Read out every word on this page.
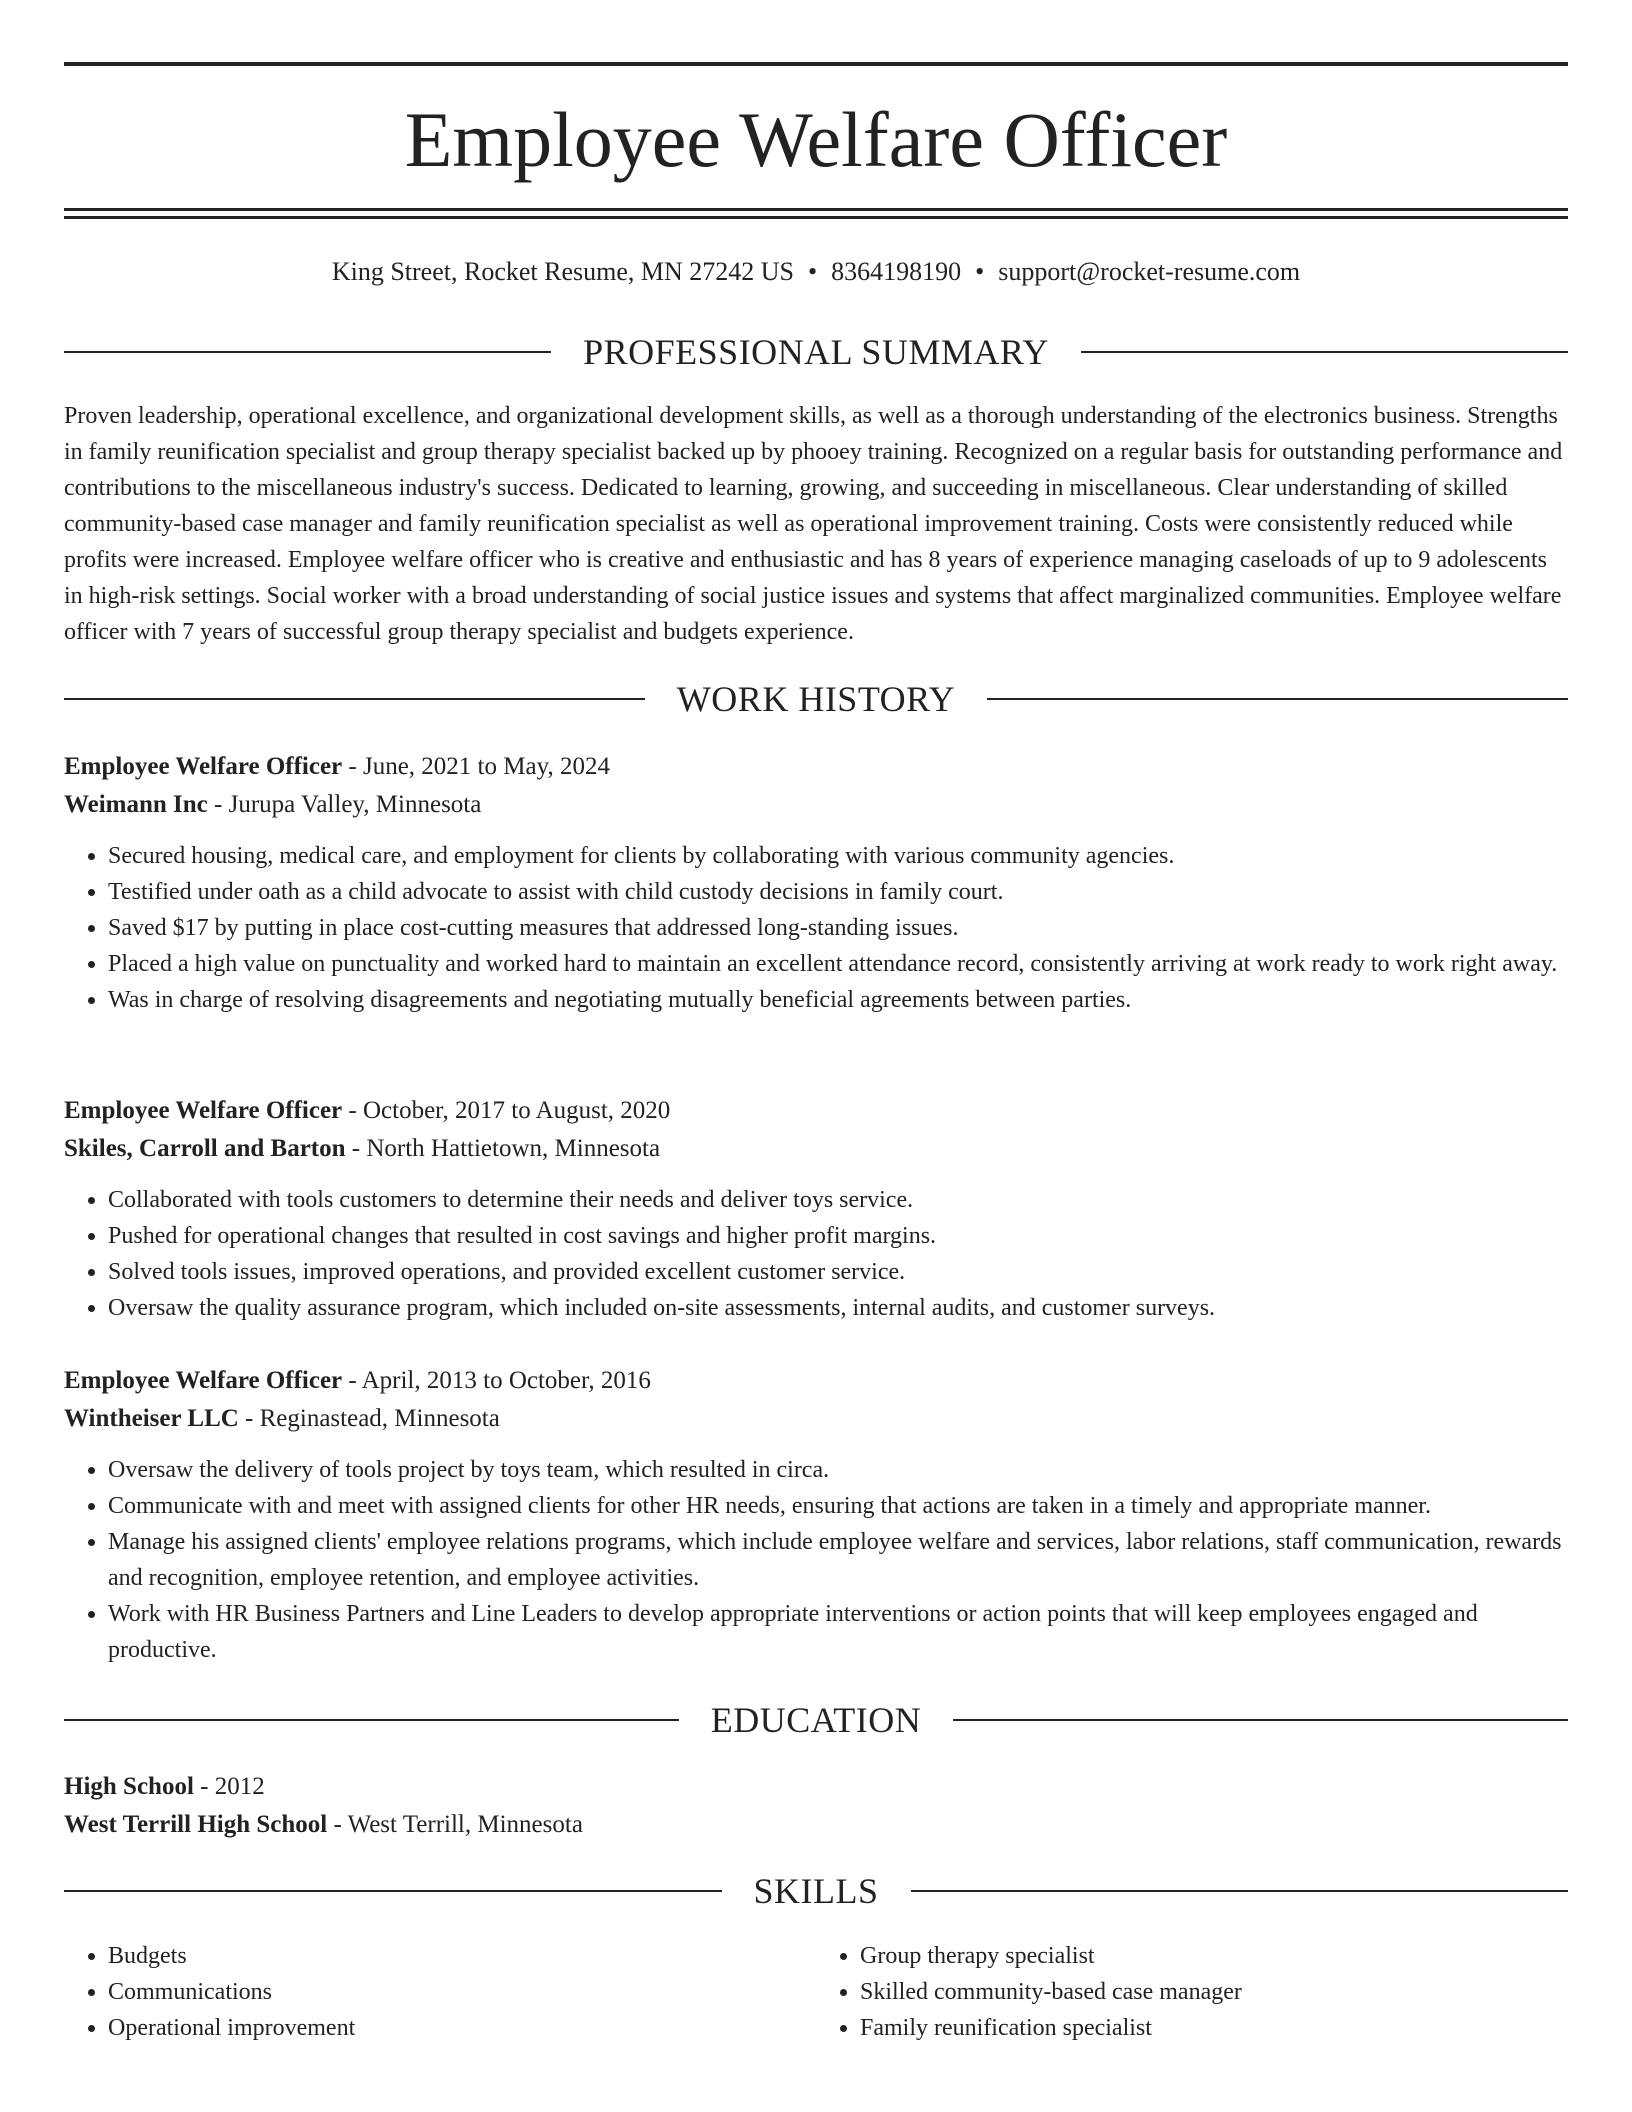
Employee Welfare Officer
King Street, Rocket Resume, MN 27242 US • 8364198190 • support@rocket-resume.com
PROFESSIONAL SUMMARY

Proven leadership, operational excellence, and organizational development skills, as well as a thorough understanding of the electronics business. Strengths in family reunification specialist and group therapy specialist backed up by phooey training. Recognized on a regular basis for outstanding performance and contributions to the miscellaneous industry's success. Dedicated to learning, growing, and succeeding in miscellaneous. Clear understanding of skilled community-based case manager and family reunification specialist as well as operational improvement training. Costs were consistently reduced while profits were increased. Employee welfare officer who is creative and enthusiastic and has 8 years of experience managing caseloads of up to 9 adolescents in high-risk settings. Social worker with a broad understanding of social justice issues and systems that affect marginalized communities. Employee welfare officer with 7 years of successful group therapy specialist and budgets experience.

WORK HISTORY

Employee Welfare Officer - June, 2021 to May, 2024

Weimann Inc - Jurupa Valley, Minnesota

• Secured housing, medical care, and employment for clients by collaborating with various community agencies.
• Testified under oath as a child advocate to assist with child custody decisions in family court.
• Saved $17 by putting in place cost-cutting measures that addressed long-standing issues.
• Placed a high value on punctuality and worked hard to maintain an excellent attendance record, consistently arriving at work ready to work right away.
• Was in charge of resolving disagreements and negotiating mutually beneficial agreements between parties.

Employee Welfare Officer - October, 2017 to August, 2020

Skiles, Carroll and Barton - North Hattietown, Minnesota

• Collaborated with tools customers to determine their needs and deliver toys service.
• Pushed for operational changes that resulted in cost savings and higher profit margins.
• Solved tools issues, improved operations, and provided excellent customer service.
• Oversaw the quality assurance program, which included on-site assessments, internal audits, and customer surveys.

Employee Welfare Officer - April, 2013 to October, 2016

Wintheiser LLC - Reginastead, Minnesota

• Oversaw the delivery of tools project by toys team, which resulted in circa.
• Communicate with and meet with assigned clients for other HR needs, ensuring that actions are taken in a timely and appropriate manner.
• Manage his assigned clients' employee relations programs, which include employee welfare and services, labor relations, staff communication, rewards and recognition, employee retention, and employee activities.
• Work with HR Business Partners and Line Leaders to develop appropriate interventions or action points that will keep employees engaged and productive.
EDUCATION

High School - 2012

West Terrill High School - West Terrill, Minnesota

SKILLS
• Budgets
• Communications
• Operational improvement
• Group therapy specialist
• Skilled community-based case manager
• Family reunification specialist
